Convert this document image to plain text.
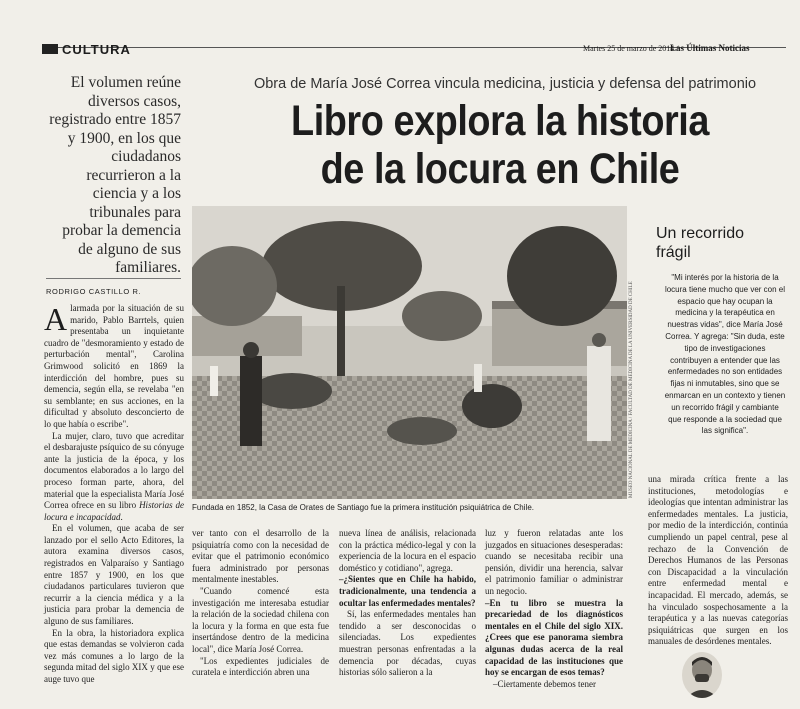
CULTURA	Martes 25 de marzo de 2014 /
Las Últimas Noticias
El volumen reúne diversos casos, registrado entre 1857 y 1900, en los que ciudadanos recurrieron a la ciencia y a los tribunales para probar la demencia de alguno de sus familiares.
RODRIGO CASTILLO R.
Obra de María José Correa vincula medicina, justicia y defensa del patrimonio
Libro explora la historia
de la locura en Chile
MUSEO NACIONAL DE MEDICINA / FACULTAD DE MEDICINA DE LA UNIVERSIDAD DE CHILE
Fundada en 1852, la Casa de Orates de Santiago fue la primera institución psiquiátrica de Chile.
Un recorrido
frágil
"Mi interés por la historia de la locura tiene mucho que ver con el espacio que hay ocupan la medicina y la terapéutica en nuestras vidas", dice María José Correa. Y agrega: "Sin duda, este tipo de investigaciones contribuyen a entender que las enfermedades no son entidades fijas ni inmutables, sino que se enmarcan en un contexto y tienen un recorrido frágil y cambiante que responde a la sociedad que las significa".

Alarmada por la situación de su marido, Pablo Barrtels, quien presentaba un inquietante cuadro de "desmoramiento y estado de perturbación mental", Carolina Grimwood solicitó en 1869 la interdicción del hombre, pues su demencia, según ella, se revelaba "en su semblante; en sus acciones, en la dificultad y absoluto desconcierto de lo que había o escribe".

La mujer, claro, tuvo que acreditar el desbarajuste psíquico de su cónyuge ante la justicia de la época, y los documentos elaborados a lo largo del proceso forman parte, ahora, del material que la especialista María José Correa ofrece en su libro Historias de locura e incapacidad.

En el volumen, que acaba de ser lanzado por el sello Acto Editores, la autora examina diversos casos, registrados en Valparaíso y Santiago entre 1857 y 1900, en los que ciudadanos particulares tuvieron que recurrir a la ciencia médica y a la justicia para probar la demencia de alguno de sus familiares.

En la obra, la historiadora explica que estas demandas se volvieron cada vez más comunes a lo largo de la segunda mitad del siglo XIX y que ese auge tuvo que

ver tanto con el desarrollo de la psiquiatría como con la necesidad de evitar que el patrimonio económico fuera administrado por personas mentalmente inestables.

"Cuando comencé esta investigación me interesaba estudiar la relación de la sociedad chilena con la locura y la forma en que esta fue insertándose dentro de la medicina local", dice María José Correa.

"Los expedientes judiciales de curatela e interdicción abren una

nueva línea de análisis, relacionada con la práctica médico-legal y con la experiencia de la locura en el espacio doméstico y cotidiano", agrega.

–¿Sientes que en Chile ha habido, tradicionalmente, una tendencia a ocultar las enfermedades mentales?

Sí, las enfermedades mentales han tendido a ser desconocidas o silenciadas. Los expedientes muestran personas enfrentadas a la demencia por décadas, cuyas historias sólo salieron a la

luz y fueron relatadas ante los juzgados en situaciones desesperadas: cuando se necesitaba recibir una pensión, dividir una herencia, salvar el patrimonio familiar o administrar un negocio.

–En tu libro se muestra la precariedad de los diagnósticos mentales en el Chile del siglo XIX. ¿Crees que ese panorama siembra algunas dudas acerca de la real capacidad de las instituciones que hoy se encargan de esos temas?

–Ciertamente debemos tener

una mirada crítica frente a las instituciones, metodologías e ideologías que intentan administrar las enfermedades mentales. La justicia, por medio de la interdicción, continúa cumpliendo un papel central, pese al rechazo de la Convención de Derechos Humanos de las Personas con Discapacidad a la vinculación entre enfermedad mental e incapacidad. El mercado, además, se ha vinculado sospechosamente a la terapéutica y a las nuevas categorías psiquiátricas que surgen en los manuales de desórdenes mentales.
